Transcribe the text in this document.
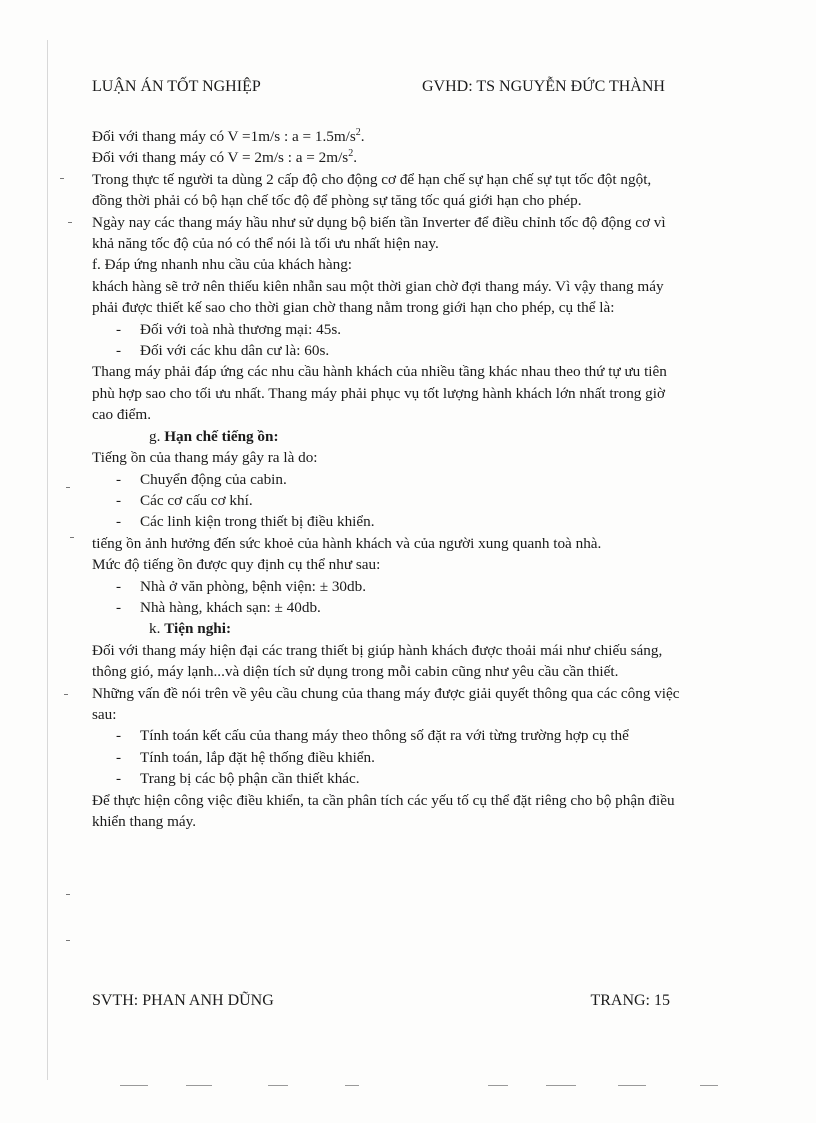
LUẬN ÁN TỐT NGHIỆP	GVHD: TS NGUYỄN ĐỨC THÀNH

Đối với thang máy có V =1m/s : $a = 1.5m/s^2$.

Đối với thang máy có V = 2m/s : $a = 2m/s^2$.

Trong thực tế người ta dùng 2 cấp độ cho động cơ để hạn chế sự hạn chế sự tụt tốc đột ngột, đồng thời phải có bộ hạn chế tốc độ để phòng sự tăng tốc quá giới hạn cho phép.

Ngày nay các thang máy hầu như sử dụng bộ biến tần Inverter để điều chỉnh tốc độ động cơ vì khả năng tốc độ của nó có thể nói là tối ưu nhất hiện nay.

f. Đáp ứng nhanh nhu cầu của khách hàng:

khách hàng sẽ trở nên thiếu kiên nhẫn sau một thời gian chờ đợi thang máy. Vì vậy thang máy phải được thiết kế sao cho thời gian chờ thang nằm trong giới hạn cho phép, cụ thể là:

- Đối với toà nhà thương mại: 45s.
- Đối với các khu dân cư là: 60s.

Thang máy phải đáp ứng các nhu cầu hành khách của nhiều tầng khác nhau theo thứ tự ưu tiên phù hợp sao cho tối ưu nhất. Thang máy phải phục vụ tốt lượng hành khách lớn nhất trong giờ cao điểm.

g. Hạn chế tiếng ồn:

Tiếng ồn của thang máy gây ra là do:

- Chuyển động của cabin.
- Các cơ cấu cơ khí.
- Các linh kiện trong thiết bị điều khiển.

tiếng ồn ảnh hưởng đến sức khoẻ của hành khách và của người xung quanh toà nhà.

Mức độ tiếng ồn được quy định cụ thể như sau:

- Nhà ở văn phòng, bệnh viện: ± 30db.
- Nhà hàng, khách sạn: ± 40db.

k. Tiện nghi:

Đối với thang máy hiện đại các trang thiết bị giúp hành khách được thoải mái như chiếu sáng, thông gió, máy lạnh...và diện tích sử dụng trong mỗi cabin cũng như yêu cầu cần thiết.

Những vấn đề nói trên về yêu cầu chung của thang máy được giải quyết thông qua các công việc sau:

- Tính toán kết cấu của thang máy theo thông số đặt ra với từng trường hợp cụ thể
- Tính toán, lắp đặt hệ thống điều khiển.
- Trang bị các bộ phận cần thiết khác.

Để thực hiện công việc điều khiển, ta cần phân tích các yếu tố cụ thể đặt riêng cho bộ phận điều khiển thang máy.

SVTH: PHAN ANH DŨNG	TRANG: 15
